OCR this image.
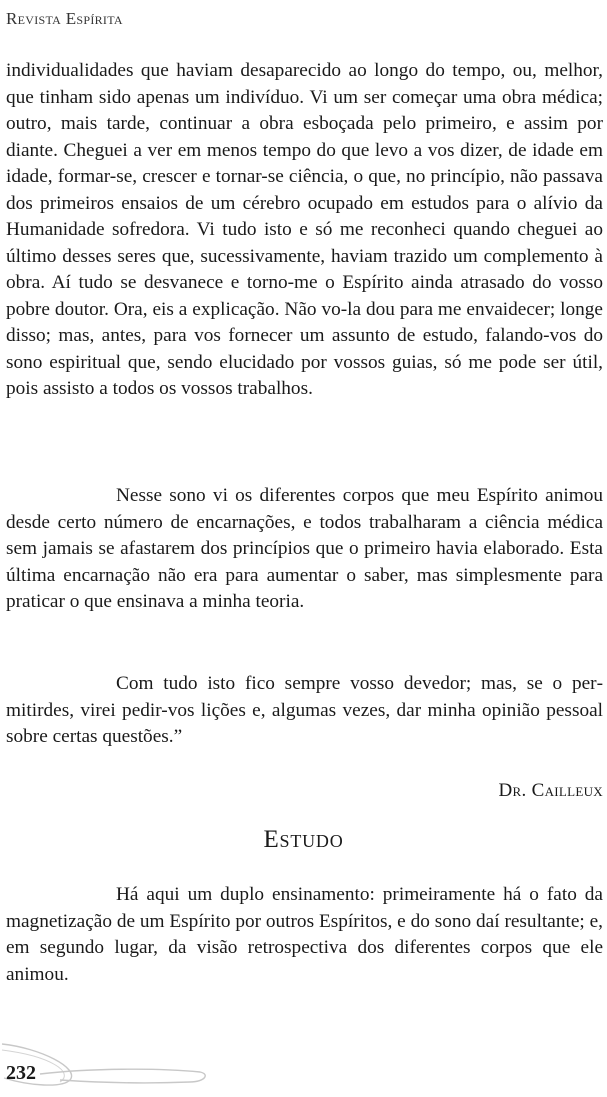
Revista Espírita
individualidades que haviam desaparecido ao longo do tempo, ou, melhor, que tinham sido apenas um indivíduo. Vi um ser começar uma obra médica; outro, mais tarde, continuar a obra esboçada pelo primeiro, e assim por diante. Cheguei a ver em menos tempo do que levo a vos dizer, de idade em idade, formar-se, crescer e tornar-se ciência, o que, no princípio, não passava dos primeiros ensaios de um cérebro ocupado em estudos para o alívio da Humanidade sofredora. Vi tudo isto e só me reconheci quando cheguei ao último desses seres que, sucessivamente, haviam trazido um complemento à obra. Aí tudo se desvanece e torno-me o Espírito ainda atrasado do vosso pobre doutor. Ora, eis a explicação. Não vo-la dou para me envaidecer; longe disso; mas, antes, para vos fornecer um assunto de estudo, falando-vos do sono espiritual que, sendo elucidado por vossos guias, só me pode ser útil, pois assisto a todos os vossos trabalhos.
Nesse sono vi os diferentes corpos que meu Espírito animou desde certo número de encarnações, e todos trabalharam a ciência médica sem jamais se afastarem dos princípios que o primeiro havia elaborado. Esta última encarnação não era para aumentar o saber, mas simplesmente para praticar o que ensinava a minha teoria.
Com tudo isto fico sempre vosso devedor; mas, se o permitirdes, virei pedir-vos lições e, algumas vezes, dar minha opinião pessoal sobre certas questões.”
Dr. Cailleux
Estudo
Há aqui um duplo ensinamento: primeiramente há o fato da magnetização de um Espírito por outros Espíritos, e do sono daí resultante; e, em segundo lugar, da visão retrospectiva dos diferentes corpos que ele animou.
232
